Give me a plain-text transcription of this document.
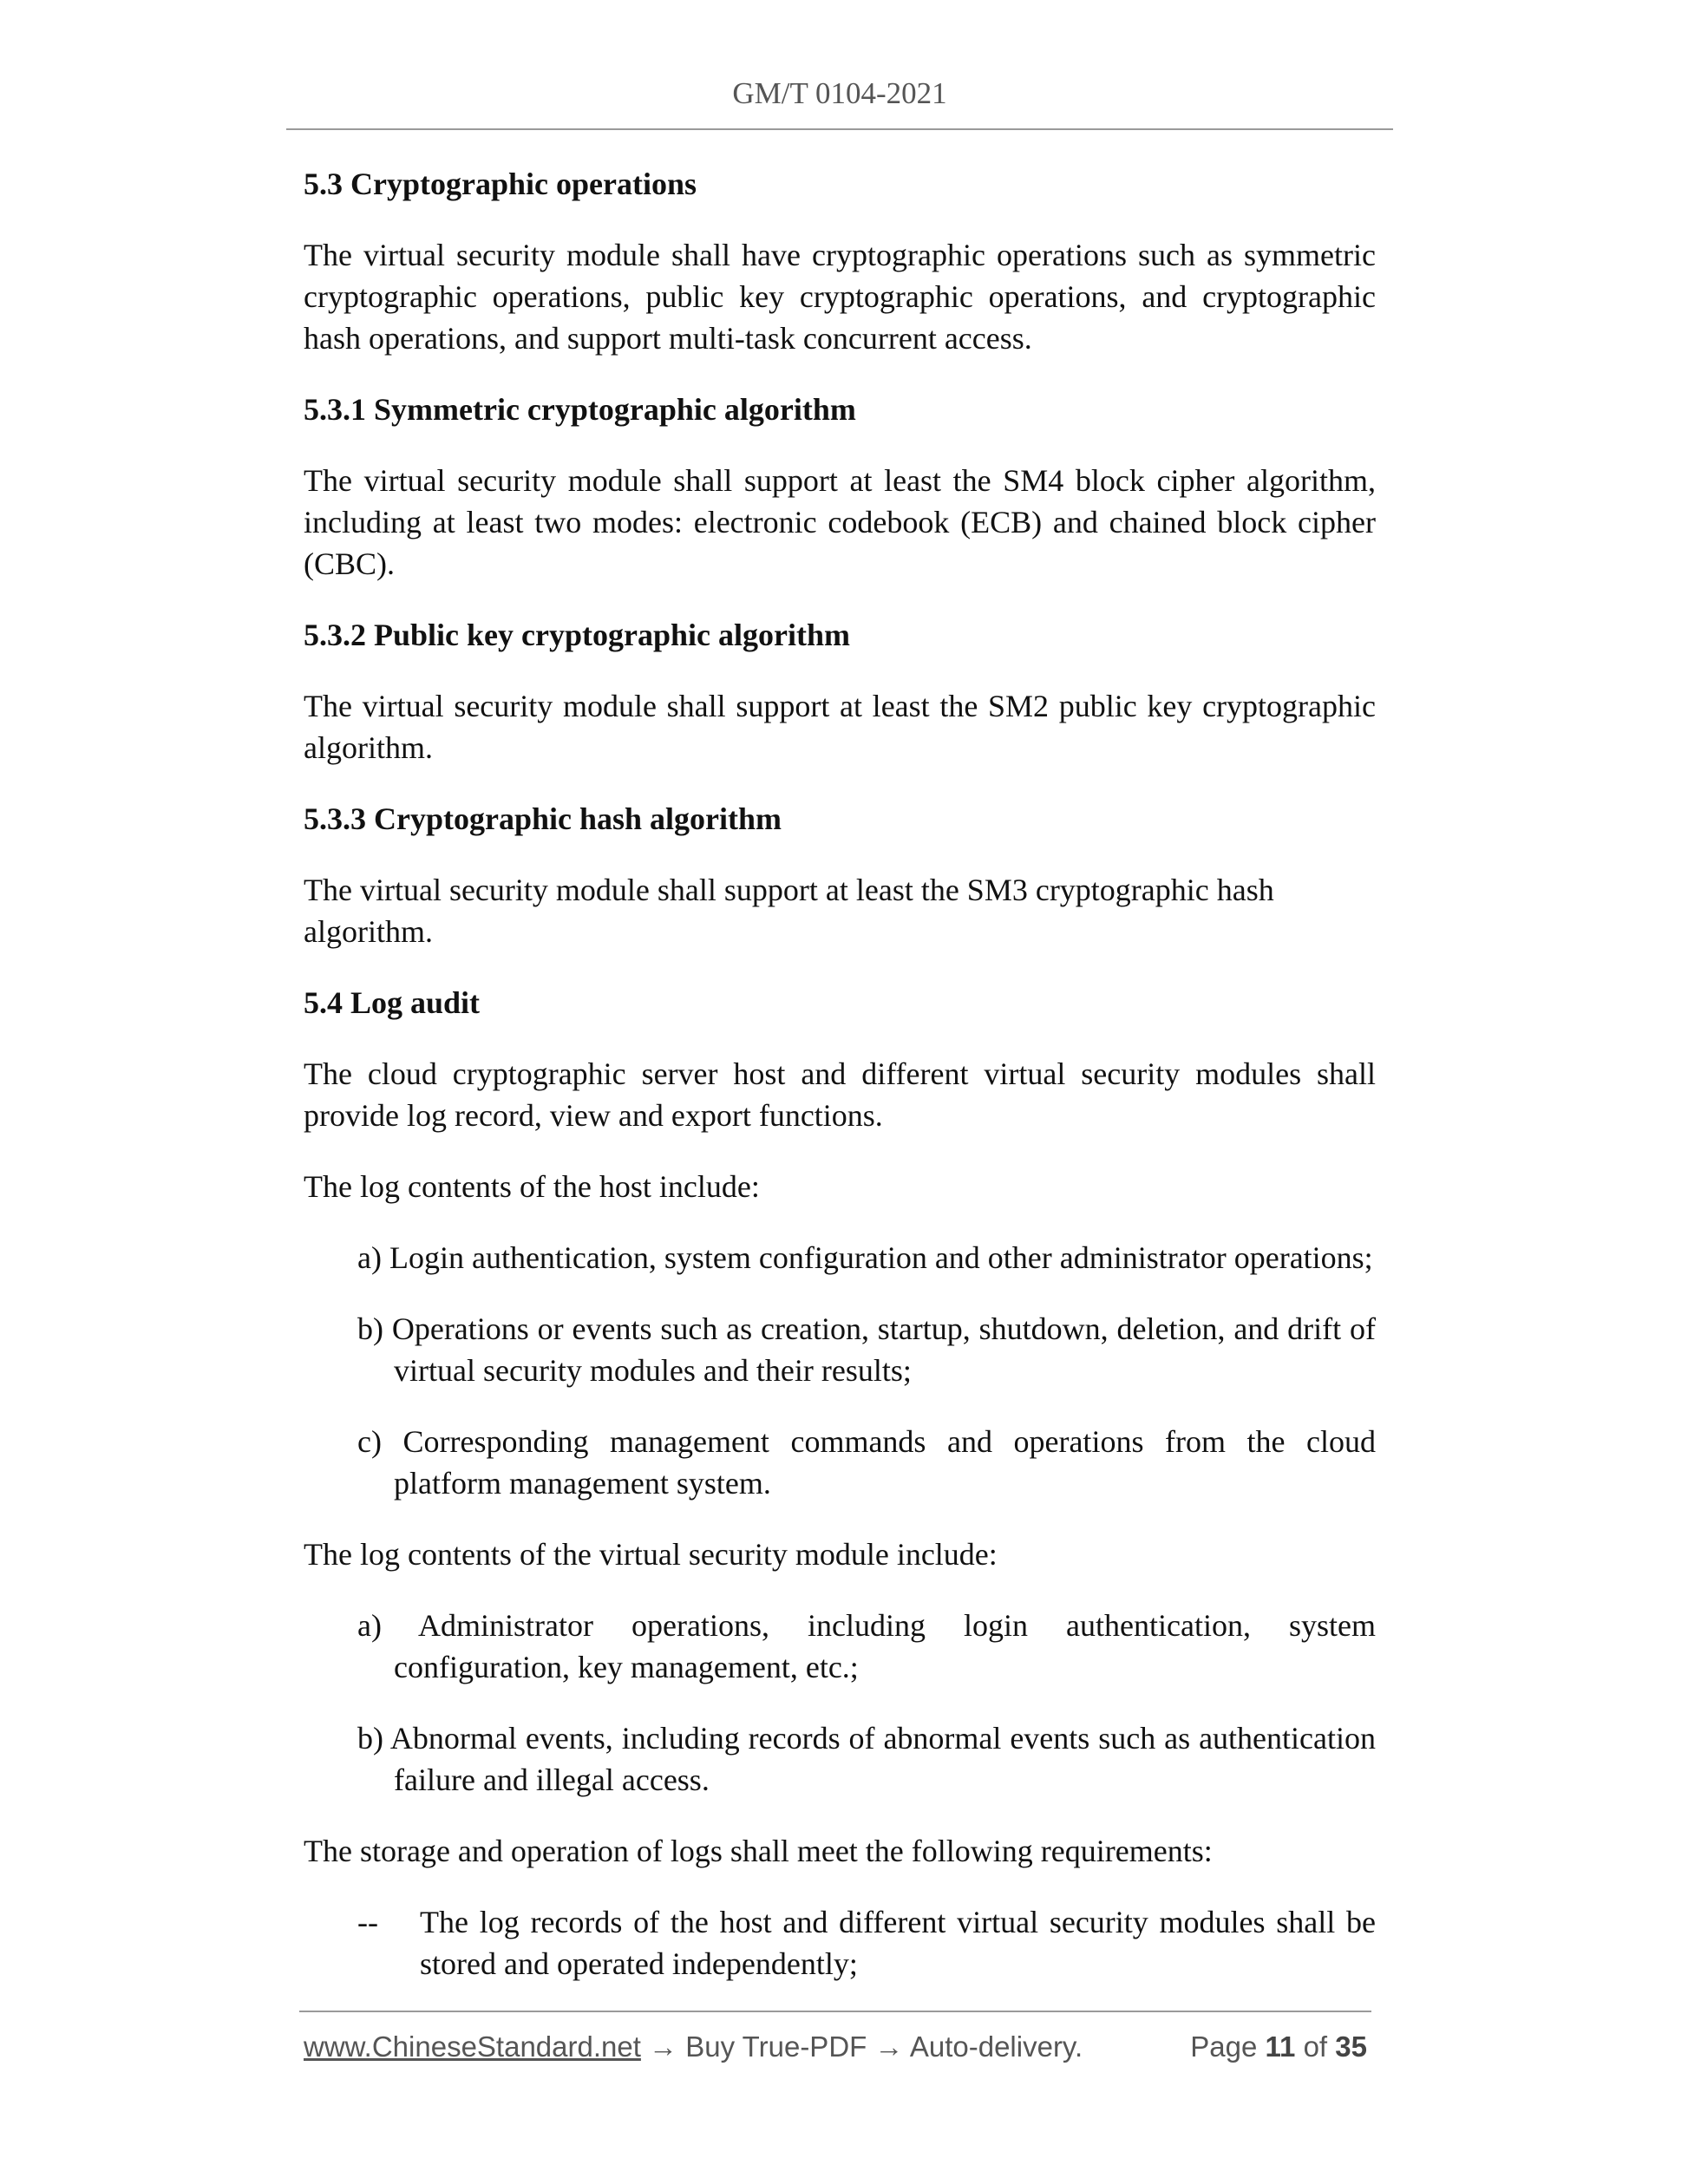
GM/T 0104-2021
5.3 Cryptographic operations
The virtual security module shall have cryptographic operations such as symmetric cryptographic operations, public key cryptographic operations, and cryptographic hash operations, and support multi-task concurrent access.
5.3.1 Symmetric cryptographic algorithm
The virtual security module shall support at least the SM4 block cipher algorithm, including at least two modes: electronic codebook (ECB) and chained block cipher (CBC).
5.3.2 Public key cryptographic algorithm
The virtual security module shall support at least the SM2 public key cryptographic algorithm.
5.3.3 Cryptographic hash algorithm
The virtual security module shall support at least the SM3 cryptographic hash algorithm.
5.4 Log audit
The cloud cryptographic server host and different virtual security modules shall provide log record, view and export functions.
The log contents of the host include:
a) Login authentication, system configuration and other administrator operations;
b) Operations or events such as creation, startup, shutdown, deletion, and drift of virtual security modules and their results;
c) Corresponding management commands and operations from the cloud platform management system.
The log contents of the virtual security module include:
a) Administrator operations, including login authentication, system configuration, key management, etc.;
b) Abnormal events, including records of abnormal events such as authentication failure and illegal access.
The storage and operation of logs shall meet the following requirements:
--	The log records of the host and different virtual security modules shall be stored and operated independently;
www.ChineseStandard.net → Buy True-PDF → Auto-delivery.	Page 11 of 35
